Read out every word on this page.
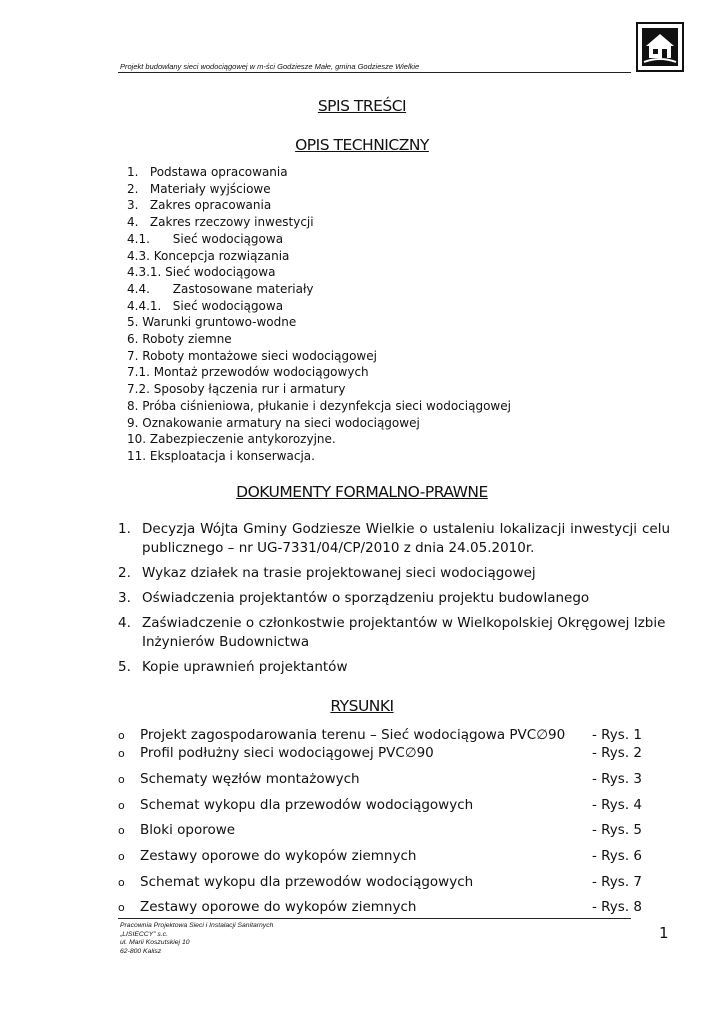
Projekt budowlany sieci wodociągowej w m-ści Godziesze Małe, gmina Godziesze Wielkie
SPIS TREŚCI
OPIS TECHNICZNY
1.   Podstawa opracowania
2.   Materiały wyjściowe
3.   Zakres opracowania
4.   Zakres rzeczowy inwestycji
4.1.      Sieć wodociągowa
4.3. Koncepcja rozwiązania
4.3.1. Sieć wodociągowa
4.4.      Zastosowane materiały
4.4.1.   Sieć wodociągowa
5. Warunki gruntowo-wodne
6. Roboty ziemne
7. Roboty montażowe sieci wodociągowej
7.1. Montaż przewodów wodociągowych
7.2. Sposoby łączenia rur i armatury
8. Próba ciśnieniowa, płukanie i dezynfekcja sieci wodociągowej
9. Oznakowanie armatury na sieci wodociągowej
10. Zabezpieczenie antykorozyjne.
11. Eksploatacja i konserwacja.
DOKUMENTY FORMALNO-PRAWNE
1. Decyzja Wójta Gminy Godziesze Wielkie o ustaleniu lokalizacji inwestycji celu publicznego – nr UG-7331/04/CP/2010 z dnia 24.05.2010r.
2. Wykaz działek na trasie projektowanej sieci wodociągowej
3. Oświadczenia projektantów o sporządzeniu projektu budowlanego
4. Zaświadczenie o członkostwie projektantów w Wielkopolskiej Okręgowej Izbie Inżynierów Budownictwa
5. Kopie uprawnień projektantów
RYSUNKI
o	Projekt zagospodarowania terenu – Sieć wodociągowa PVC∅90	- Rys. 1
o	Profil podłużny sieci wodociągowej PVC∅90	- Rys. 2
o	Schematy węzłów montażowych	- Rys. 3
o	Schemat wykopu dla przewodów wodociągowych	- Rys. 4
o	Bloki oporowe	- Rys. 5
o	Zestawy oporowe do wykopów ziemnych	- Rys. 6
o	Schemat wykopu dla przewodów wodociągowych	- Rys. 7
o	Zestawy oporowe do wykopów ziemnych	- Rys. 8
Pracownia Projektowa Sieci i Instalacji Sanitarnych
„LISIECCY” s.c.
ul. Marii Koszutskiej 10
62-800 Kalisz
1
